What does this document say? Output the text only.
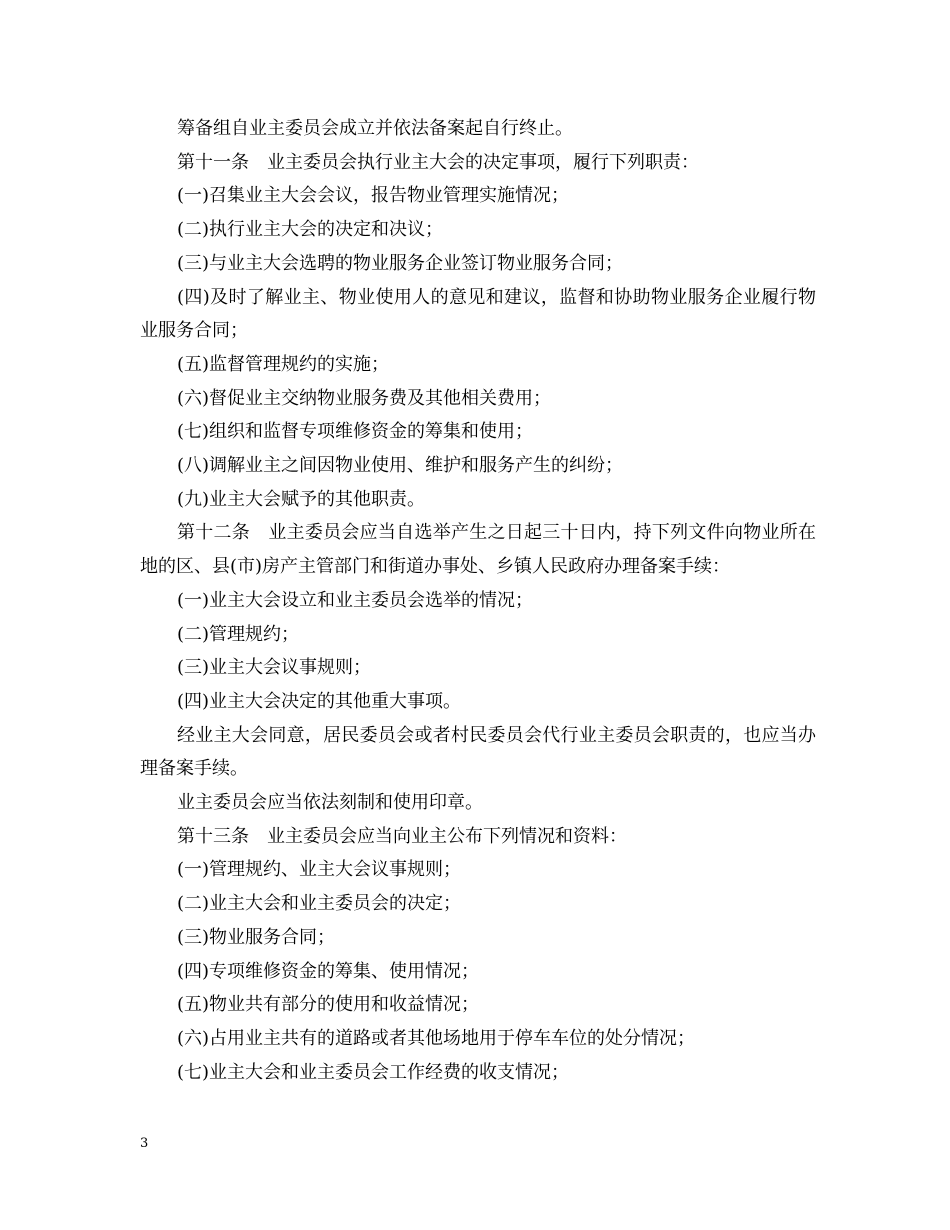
筹备组自业主委员会成立并依法备案起自行终止。

第十一条　业主委员会执行业主大会的决定事项，履行下列职责：

(一)召集业主大会会议，报告物业管理实施情况；

(二)执行业主大会的决定和决议；

(三)与业主大会选聘的物业服务企业签订物业服务合同；

(四)及时了解业主、物业使用人的意见和建议，监督和协助物业服务企业履行物业服务合同；

(五)监督管理规约的实施；

(六)督促业主交纳物业服务费及其他相关费用；

(七)组织和监督专项维修资金的筹集和使用；

(八)调解业主之间因物业使用、维护和服务产生的纠纷；

(九)业主大会赋予的其他职责。

第十二条　业主委员会应当自选举产生之日起三十日内，持下列文件向物业所在地的区、县(市)房产主管部门和街道办事处、乡镇人民政府办理备案手续：

(一)业主大会设立和业主委员会选举的情况；

(二)管理规约；

(三)业主大会议事规则；

(四)业主大会决定的其他重大事项。

经业主大会同意，居民委员会或者村民委员会代行业主委员会职责的，也应当办理备案手续。

业主委员会应当依法刻制和使用印章。

第十三条　业主委员会应当向业主公布下列情况和资料：

(一)管理规约、业主大会议事规则；

(二)业主大会和业主委员会的决定；

(三)物业服务合同；

(四)专项维修资金的筹集、使用情况；

(五)物业共有部分的使用和收益情况；

(六)占用业主共有的道路或者其他场地用于停车车位的处分情况；

(七)业主大会和业主委员会工作经费的收支情况；

3
